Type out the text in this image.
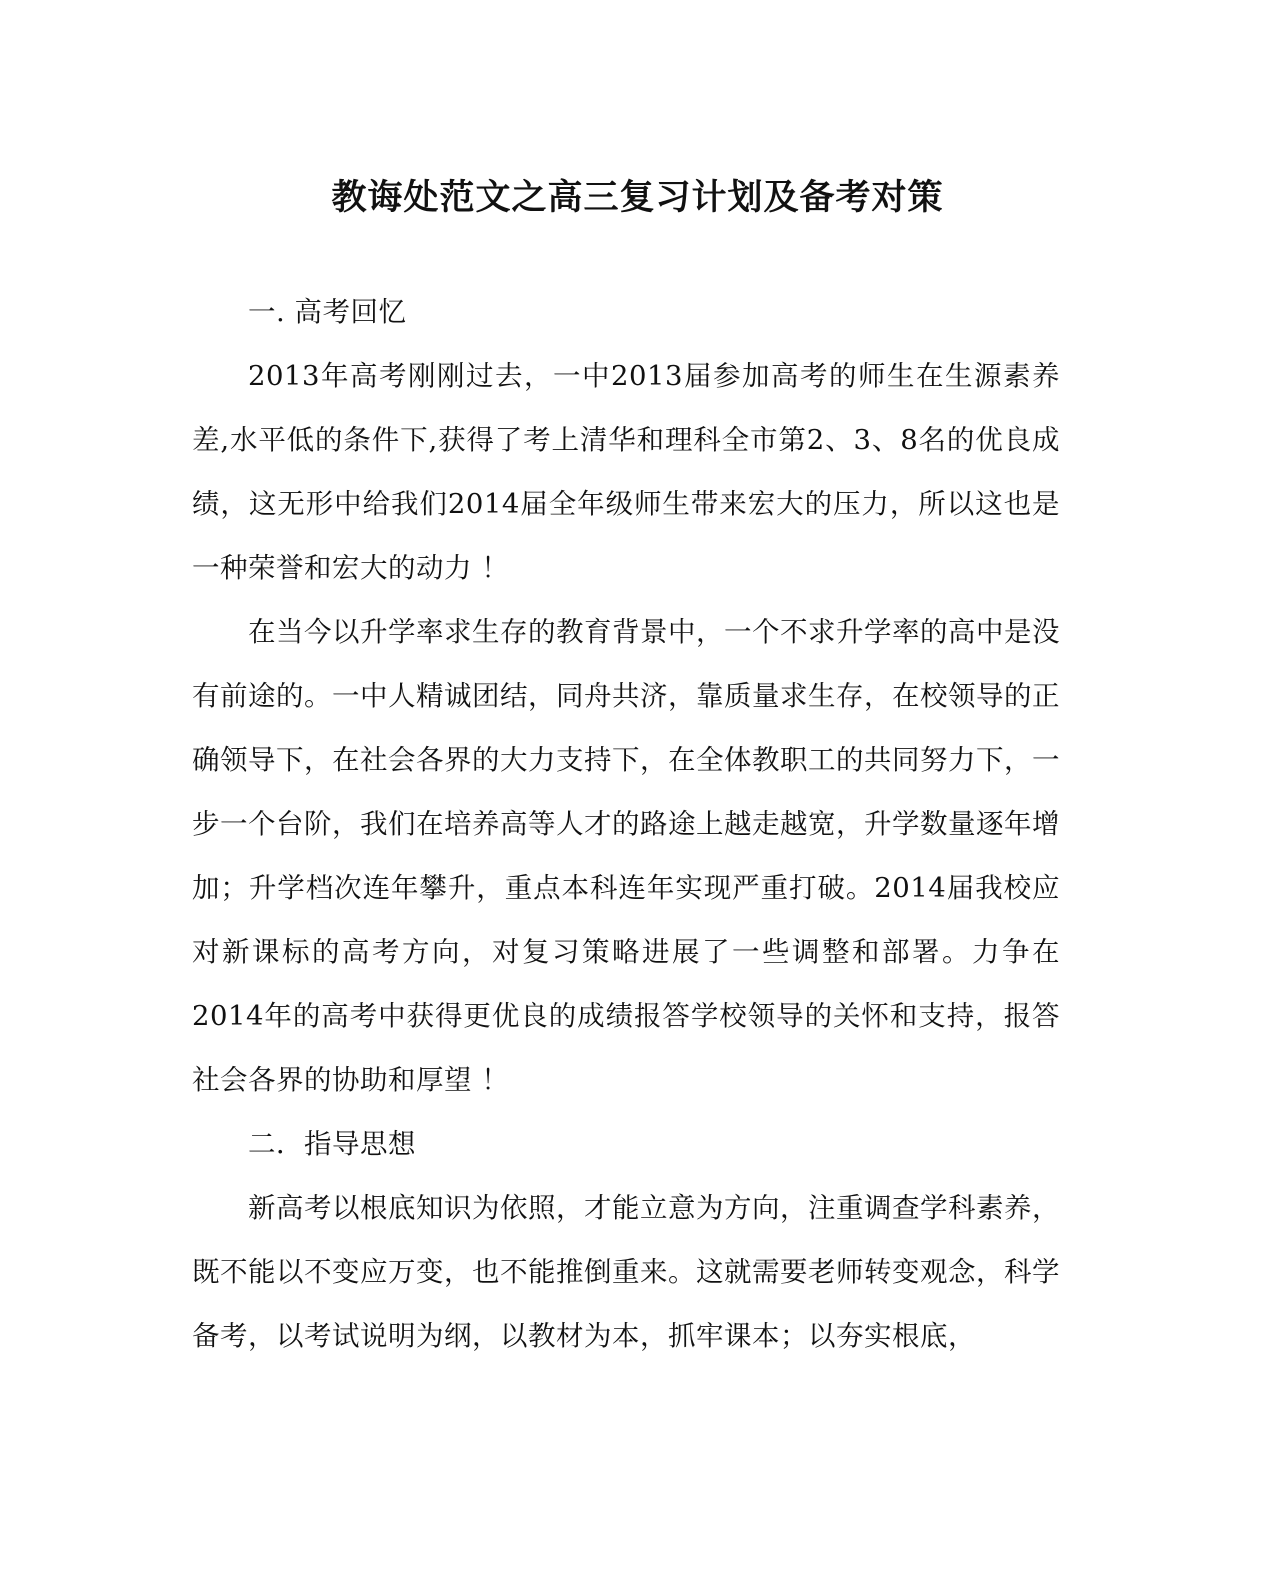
教诲处范文之高三复习计划及备考对策

一. 高考回忆

2013年高考刚刚过去，一中2013届参加高考的师生在生源素养差,水平低的条件下,获得了考上清华和理科全市第2、3、8名的优良成绩，这无形中给我们2014届全年级师生带来宏大的压力，所以这也是一种荣誉和宏大的动力 ！

在当今以升学率求生存的教育背景中，一个不求升学率的高中是没有前途的。一中人精诚团结，同舟共济，靠质量求生存，在校领导的正确领导下，在社会各界的大力支持下，在全体教职工的共同努力下，一步一个台阶，我们在培养高等人才的路途上越走越宽，升学数量逐年增加；升学档次连年攀升，重点本科连年实现严重打破。2014届我校应对新课标的高考方向，对复习策略进展了一些调整和部署。力争在2014年的高考中获得更优良的成绩报答学校领导的关怀和支持，报答社会各界的协助和厚望 ！

二．指导思想

新高考以根底知识为依照，才能立意为方向，注重调查学科素养，既不能以不变应万变，也不能推倒重来。这就需要老师转变观念，科学备考，以考试说明为纲，以教材为本，抓牢课本；以夯实根底，
